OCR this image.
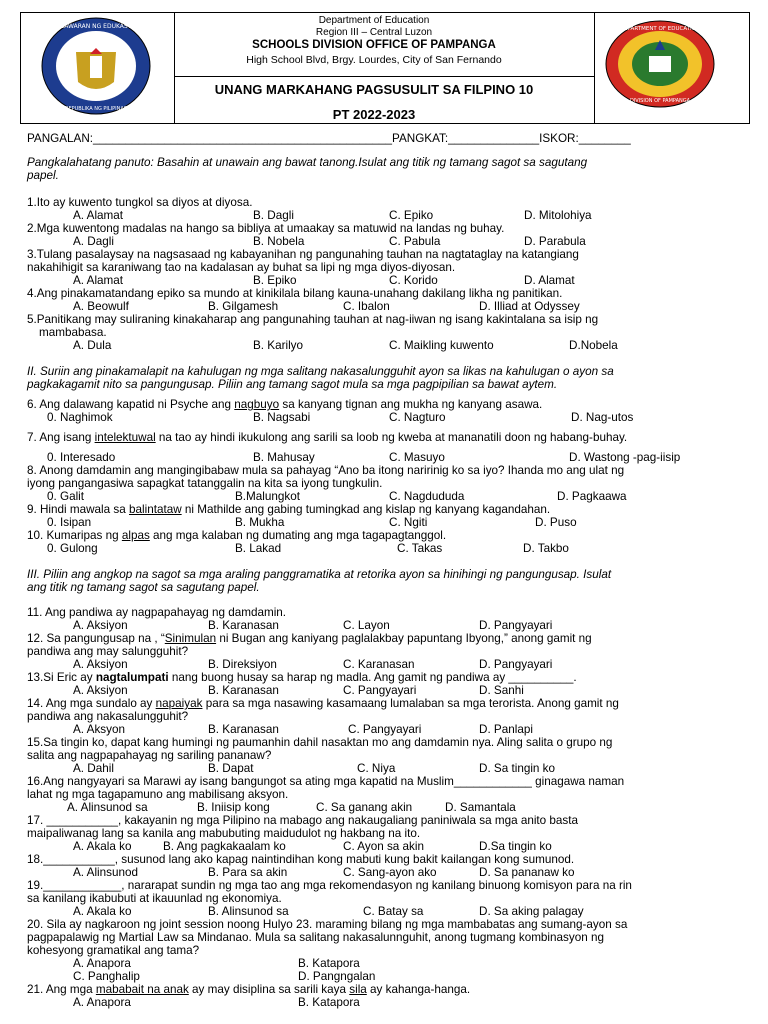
KAGAWARAN NG EDUKASYON
REPUBLIKA NG PILIPINAS
DEPARTMENT OF EDUCATION
DIVISION OF PAMPANGA
Department of Education
Region III – Central Luzon
SCHOOLS DIVISION OFFICE OF PAMPANGA
High School Blvd, Brgy. Lourdes, City of San Fernando
UNANG MARKAHANG PAGSUSULIT SA FILPINO 10
PT 2022-2023
PANGALAN:______________________________________________PANGKAT:______________ISKOR:________
Pangkalahatang panuto: Basahin at unawain ang bawat tanong.Isulat ang titik ng tamang sagot sa sagutang
papel.
1.Ito ay kuwento tungkol sa diyos at diyosa.
A. Alamat	B. Dagli	C. Epiko	D. Mitolohiya
2.Mga kuwentong madalas na hango sa bibliya at umaakay sa matuwid na landas ng buhay.
A. Dagli	B. Nobela	C. Pabula	D. Parabula
3.Tulang pasalaysay na nagsasaad ng kabayanihan ng pangunahing tauhan na nagtataglay na katangiang
nakahihigit sa karaniwang tao na kadalasan ay buhat sa lipi ng mga diyos-diyosan.
A. Alamat	B. Epiko	C. Korido	D. Alamat
4.Ang pinakamatandang epiko sa mundo at kinikilala bilang kauna-unahang dakilang likha ng panitikan.
A. Beowulf	B. Gilgamesh	C. Ibalon	D. Illiad at Odyssey
5.Panitikang may suliraning kinakaharap ang pangunahing tauhan at nag-iiwan ng isang kakintalana sa isip ng
mambabasa.
A. Dula	B. Karilyo	C. Maikling kuwento	D.Nobela
II. Suriin ang pinakamalapit na kahulugan ng mga salitang nakasalungguhit ayon sa likas na kahulugan o ayon sa
pagkakagamit nito sa pangungusap. Piliin ang tamang sagot mula sa mga pagpipilian sa bawat aytem.
6. Ang dalawang kapatid ni Psyche ang nagbuyo sa kanyang tignan ang mukha ng kanyang asawa.
0. Naghimok	B. Nagsabi	C. Nagturo	D. Nag-utos
7. Ang isang intelektuwal na tao ay hindi ikukulong ang sarili sa loob ng kweba at mananatili doon ng habang-buhay.
0. Interesado	B. Mahusay	C. Masuyo	D. Wastong -pag-iisip
8. Anong damdamin ang mangingibabaw mula sa pahayag “Ano ba itong naririnig ko sa iyo? Ihanda mo ang ulat ng
iyong pangangasiwa sapagkat tatanggalin na kita sa iyong tungkulin.
0. Galit	B.Malungkot	C. Nagdududa	D. Pagkaawa
9. Hindi mawala sa balintataw ni Mathilde ang gabing tumingkad ang kislap ng kanyang kagandahan.
0. Isipan	B. Mukha	C. Ngiti	D. Puso
10. Kumaripas ng alpas ang mga kalaban ng dumating ang mga tagapagtanggol.
0. Gulong	B. Lakad	C. Takas	D. Takbo
III. Piliin ang angkop na sagot sa mga araling panggramatika at retorika ayon sa hinihingi ng pangungusap. Isulat
ang titik ng tamang sagot sa sagutang papel.
11. Ang pandiwa ay nagpapahayag ng damdamin.
A. Aksiyon	B. Karanasan	C. Layon	D. Pangyayari
12. Sa pangungusap na , “Sinimulan ni Bugan ang kaniyang paglalakbay papuntang Ibyong,” anong gamit ng
pandiwa ang may salungguhit?
A. Aksiyon	B. Direksiyon	C. Karanasan	D. Pangyayari
13.Si Eric ay nagtalumpati nang buong husay sa harap ng madla. Ang gamit ng pandiwa ay __________.
A. Aksiyon	B. Karanasan	C. Pangyayari	D. Sanhi
14. Ang mga sundalo ay napaiyak para sa mga nasawing kasamaang lumalaban sa mga terorista. Anong gamit ng
pandiwa ang nakasalungguhit?
A. Aksyon	B. Karanasan	C. Pangyayari	D. Panlapi
15.Sa tingin ko, dapat kang humingi ng paumanhin dahil nasaktan mo ang damdamin nya. Aling salita o grupo ng
salita ang nagpapahayag ng sariling pananaw?
A. Dahil	B. Dapat	C. Niya	D. Sa tingin ko
16.Ang nangyayari sa Marawi ay isang bangungot sa ating mga kapatid na Muslim____________ ginagawa naman
lahat ng mga tagapamuno ang mabilisang aksyon.
A. Alinsunod sa	B. Iniisip kong	C. Sa ganang akin	D. Samantala
17. ___________, kakayanin ng mga Pilipino na mabago ang nakaugaliang paniniwala sa mga anito basta
maipaliwanag lang sa kanila ang mabubuting maidudulot ng hakbang na ito.
A. Akala ko	B. Ang pagkakaalam ko	C. Ayon sa akin	D.Sa tingin ko
18.___________, susunod lang ako kapag naintindihan kong mabuti kung bakit kailangan kong sumunod.
A. Alinsunod	B. Para sa akin	C. Sang-ayon ako	D. Sa pananaw ko
19.____________, nararapat sundin ng mga tao ang mga rekomendasyon ng kanilang binuong komisyon para na rin
sa kanilang ikabubuti at ikauunlad ng ekonomiya.
A. Akala ko	B. Alinsunod sa	C. Batay sa	D. Sa aking palagay
20. Sila ay nagkaroon ng joint session noong Hulyo 23. maraming bilang ng mga mambabatas ang sumang-ayon sa
pagpapalawig ng Martial Law sa Mindanao. Mula sa salitang nakasalunnguhit, anong tugmang kombinasyon ng
kohesyong gramatikal ang tama?
A. Anapora	B. Katapora
C. Panghalip	D. Pangngalan
21. Ang mga mababait na anak ay may disiplina sa sarili kaya sila ay kahanga-hanga.
A. Anapora	B. Katapora
